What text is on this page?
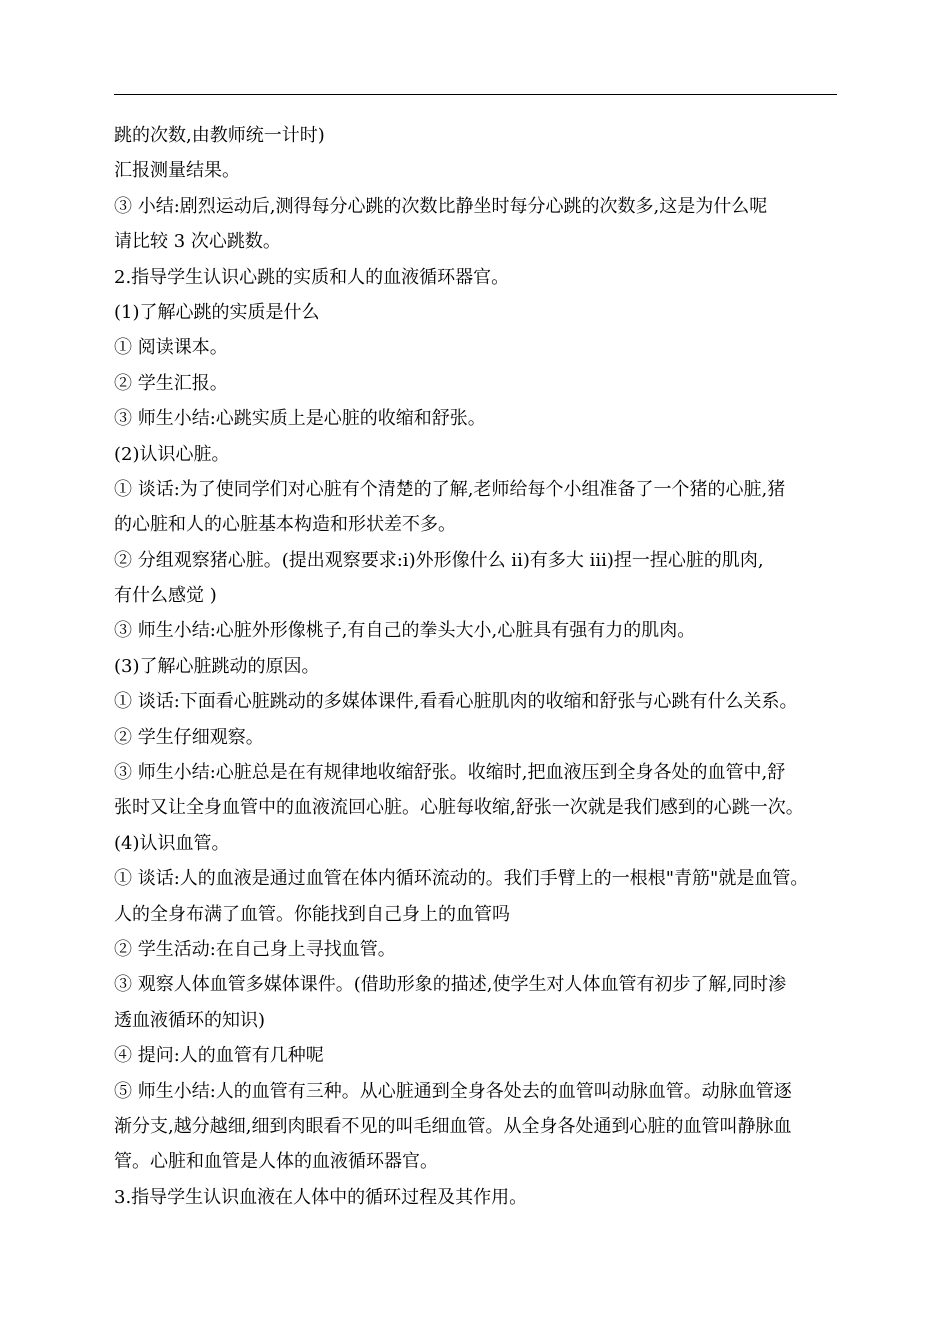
跳的次数,由教师统一计时)
汇报测量结果。
③ 小结:剧烈运动后,测得每分心跳的次数比静坐时每分心跳的次数多,这是为什么呢
请比较 3 次心跳数。
2.指导学生认识心跳的实质和人的血液循环器官。
(1)了解心跳的实质是什么
① 阅读课本。
② 学生汇报。
③ 师生小结:心跳实质上是心脏的收缩和舒张。
(2)认识心脏。
① 谈话:为了使同学们对心脏有个清楚的了解,老师给每个小组准备了一个猪的心脏,猪
的心脏和人的心脏基本构造和形状差不多。
② 分组观察猪心脏。(提出观察要求:i)外形像什么 ii)有多大 iii)捏一捏心脏的肌肉,
有什么感觉 )
③ 师生小结:心脏外形像桃子,有自己的拳头大小,心脏具有强有力的肌肉。
(3)了解心脏跳动的原因。
① 谈话:下面看心脏跳动的多媒体课件,看看心脏肌肉的收缩和舒张与心跳有什么关系。
② 学生仔细观察。
③ 师生小结:心脏总是在有规律地收缩舒张。收缩时,把血液压到全身各处的血管中,舒
张时又让全身血管中的血液流回心脏。心脏每收缩,舒张一次就是我们感到的心跳一次。
(4)认识血管。
① 谈话:人的血液是通过血管在体内循环流动的。我们手臂上的一根根"青筋"就是血管。
人的全身布满了血管。你能找到自己身上的血管吗
② 学生活动:在自己身上寻找血管。
③ 观察人体血管多媒体课件。(借助形象的描述,使学生对人体血管有初步了解,同时渗
透血液循环的知识)
④ 提问:人的血管有几种呢
⑤ 师生小结:人的血管有三种。从心脏通到全身各处去的血管叫动脉血管。动脉血管逐
渐分支,越分越细,细到肉眼看不见的叫毛细血管。从全身各处通到心脏的血管叫静脉血
管。心脏和血管是人体的血液循环器官。
3.指导学生认识血液在人体中的循环过程及其作用。
